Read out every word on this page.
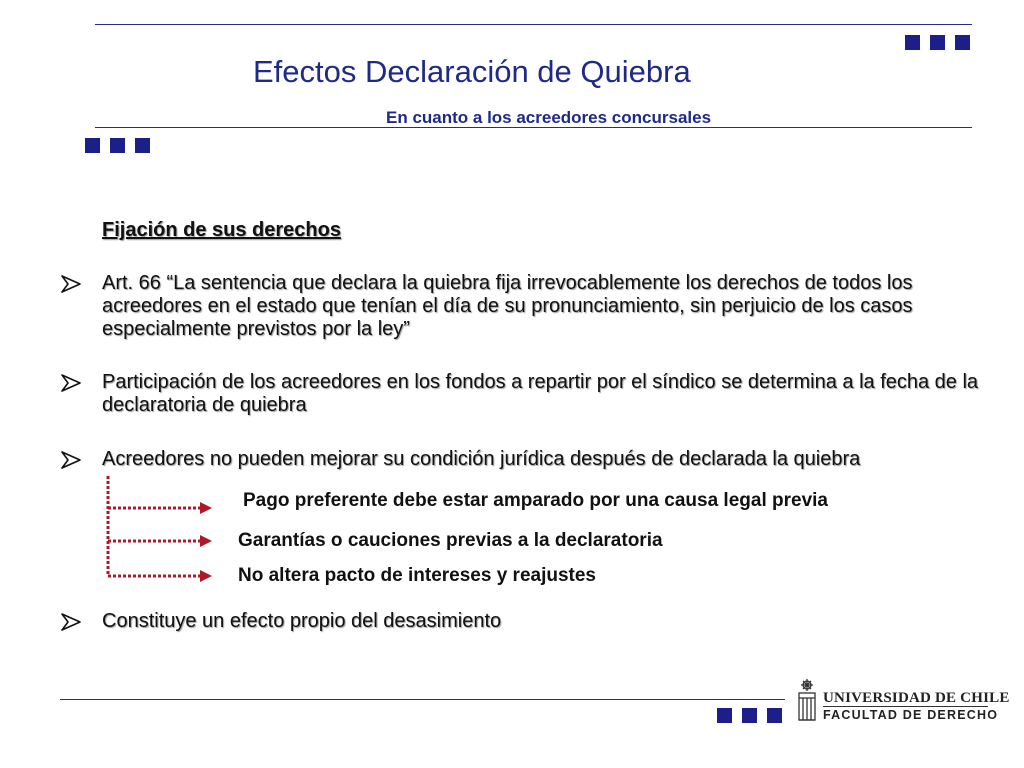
Efectos Declaración de Quiebra
En cuanto a los acreedores concursales
Fijación de sus derechos
Art. 66 “La sentencia que declara la quiebra fija irrevocablemente los derechos de todos los acreedores en el estado que tenían el día de su pronunciamiento, sin perjuicio de los casos especialmente previstos por la ley”
Participación de los acreedores en los fondos a repartir por el síndico se determina a la fecha de la declaratoria de quiebra
Acreedores no pueden mejorar su condición jurídica después de declarada la quiebra
Pago preferente debe estar amparado por una causa legal previa
Garantías o cauciones previas a la declaratoria
No altera pacto de intereses y reajustes
Constituye un efecto propio del desasimiento
UNIVERSIDAD DE CHILE
FACULTAD DE DERECHO
